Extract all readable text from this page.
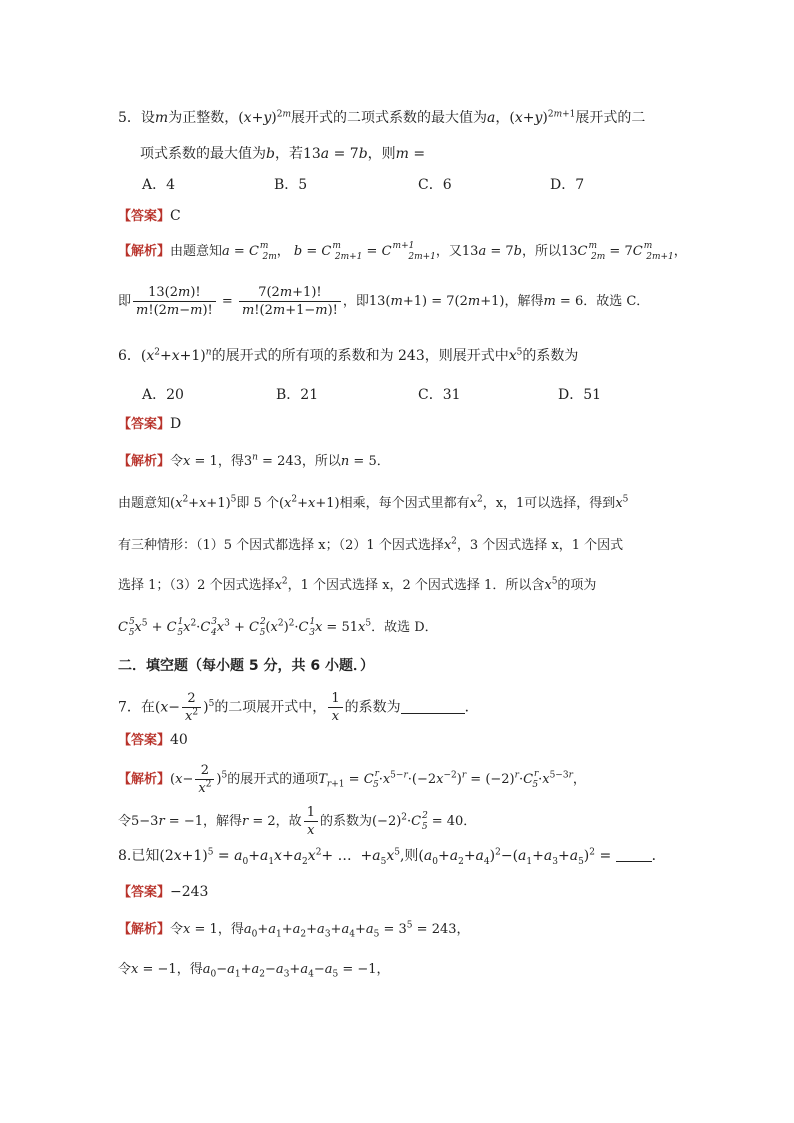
5．设m为正整数，$(x+y)^{2m}$展开式的二项式系数的最大值为a，$(x+y)^{2m+1}$展开式的二
项式系数的最大值为b，若13a = 7b，则m =
A．4	B．5	C．6	D．7
【答案】C
【解析】由题意知$a = C^m_{2m}$， $b = C^m_{2m+1} = C^{m+1}_{2m+1}$，又13a = 7b，所以$13C^m_{2m} = 7C^m_{2m+1}$，
即 $\frac{13(2m)!}{m!(2m-m)!} = \frac{7(2m+1)!}{m!(2m+1-m)!}$ ，即13(m+1) = 7(2m+1)，解得m = 6．故选 C．
6．$(x^2+x+1)^n$的展开式的所有项的系数和为 243，则展开式中$x^5$的系数为
A．20	B．21	C．31	D．51
【答案】D
【解析】令x = 1，得$3^n = 243$，所以n = 5．
由题意知$(x^2+x+1)^5$即 5 个$(x^2+x+1)$相乘，每个因式里都有$x^2$，x，1可以选择，得到$x^5$
有三种情形：（1）5 个因式都选择 x；（2）1 个因式选择$x^2$，3 个因式选择 x，1 个因式
选择 1；（3）2 个因式选择$x^2$，1 个因式选择 x，2 个因式选择 1．所以含$x^5$的项为
$C^5_5x^5 + C^1_5x^2\cdot C^3_4x^3 + C^2_5(x^2)^2\cdot C^1_3x = 51x^5$．故选 D．
二．填空题（每小题 5 分，共 6 小题．）
7．在$(x- \frac{2}{x^2} )^5$的二项展开式中， $\frac{1}{x}$ 的系数为	．
【答案】40
【解析】$(x- \frac{2}{x^2} )^5$的展开式的通项$T_{r+1} = C^r_5\cdot x^{5-r}\cdot(-2x^{-2})^r = (-2)^r\cdot C^r_5\cdot x^{5-3r}$，
令5−3r = −1，解得r = 2，故 $\frac{1}{x}$ 的系数为$(-2)^2\cdot C^2_5 = 40$．
8.已知$(2x+1)^5 = a_0+a_1x+a_2x^2+$ …  $+a_5x^5$,则$(a_0+a_2+a_4)^2-(a_1+a_3+a_5)^2$ =	．
【答案】−243
【解析】令x = 1，得$a_0+a_1+a_2+a_3+a_4+a_5 = 3^5 = 243$，
令x = −1，得$a_0-a_1+a_2-a_3+a_4-a_5 = -1$，
